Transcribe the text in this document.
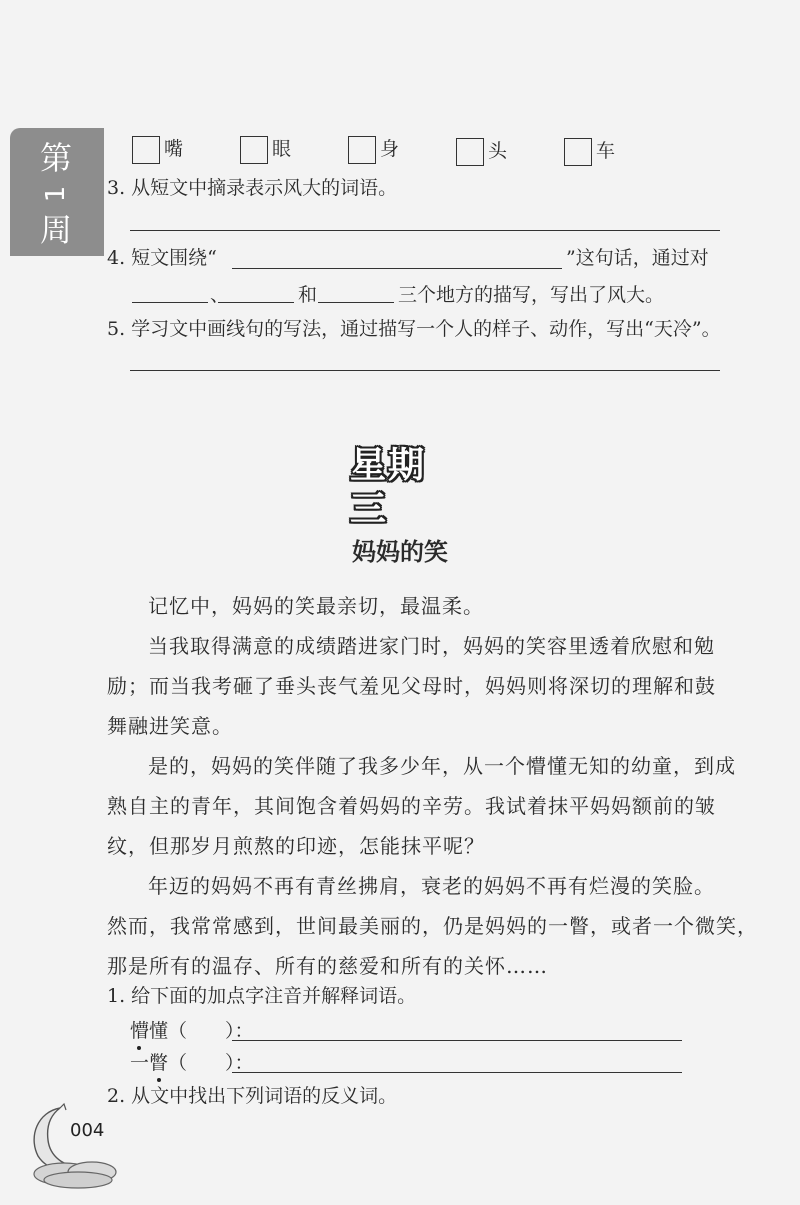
第
1
周
嘴	眼	身	头	车
3. 从短文中摘录表示风大的词语。
4. 短文围绕“	”这句话，通过对
、	和	三个地方的描写，写出了风大。
5. 学习文中画线句的写法，通过描写一个人的样子、动作，写出“天冷”。
星期三
妈妈的笑
记忆中，妈妈的笑最亲切，最温柔。
当我取得满意的成绩踏进家门时，妈妈的笑容里透着欣慰和勉
励；而当我考砸了垂头丧气羞见父母时，妈妈则将深切的理解和鼓
舞融进笑意。
是的，妈妈的笑伴随了我多少年，从一个懵懂无知的幼童，到成
熟自主的青年，其间饱含着妈妈的辛劳。我试着抹平妈妈额前的皱
纹，但那岁月煎熬的印迹，怎能抹平呢？
年迈的妈妈不再有青丝拂肩，衰老的妈妈不再有烂漫的笑脸。
然而，我常常感到，世间最美丽的，仍是妈妈的一瞥，或者一个微笑，
那是所有的温存、所有的慈爱和所有的关怀……
1. 给下面的加点字注音并解释词语。
懵懂（　　）：
一瞥（　　）：
2. 从文中找出下列词语的反义词。
004
